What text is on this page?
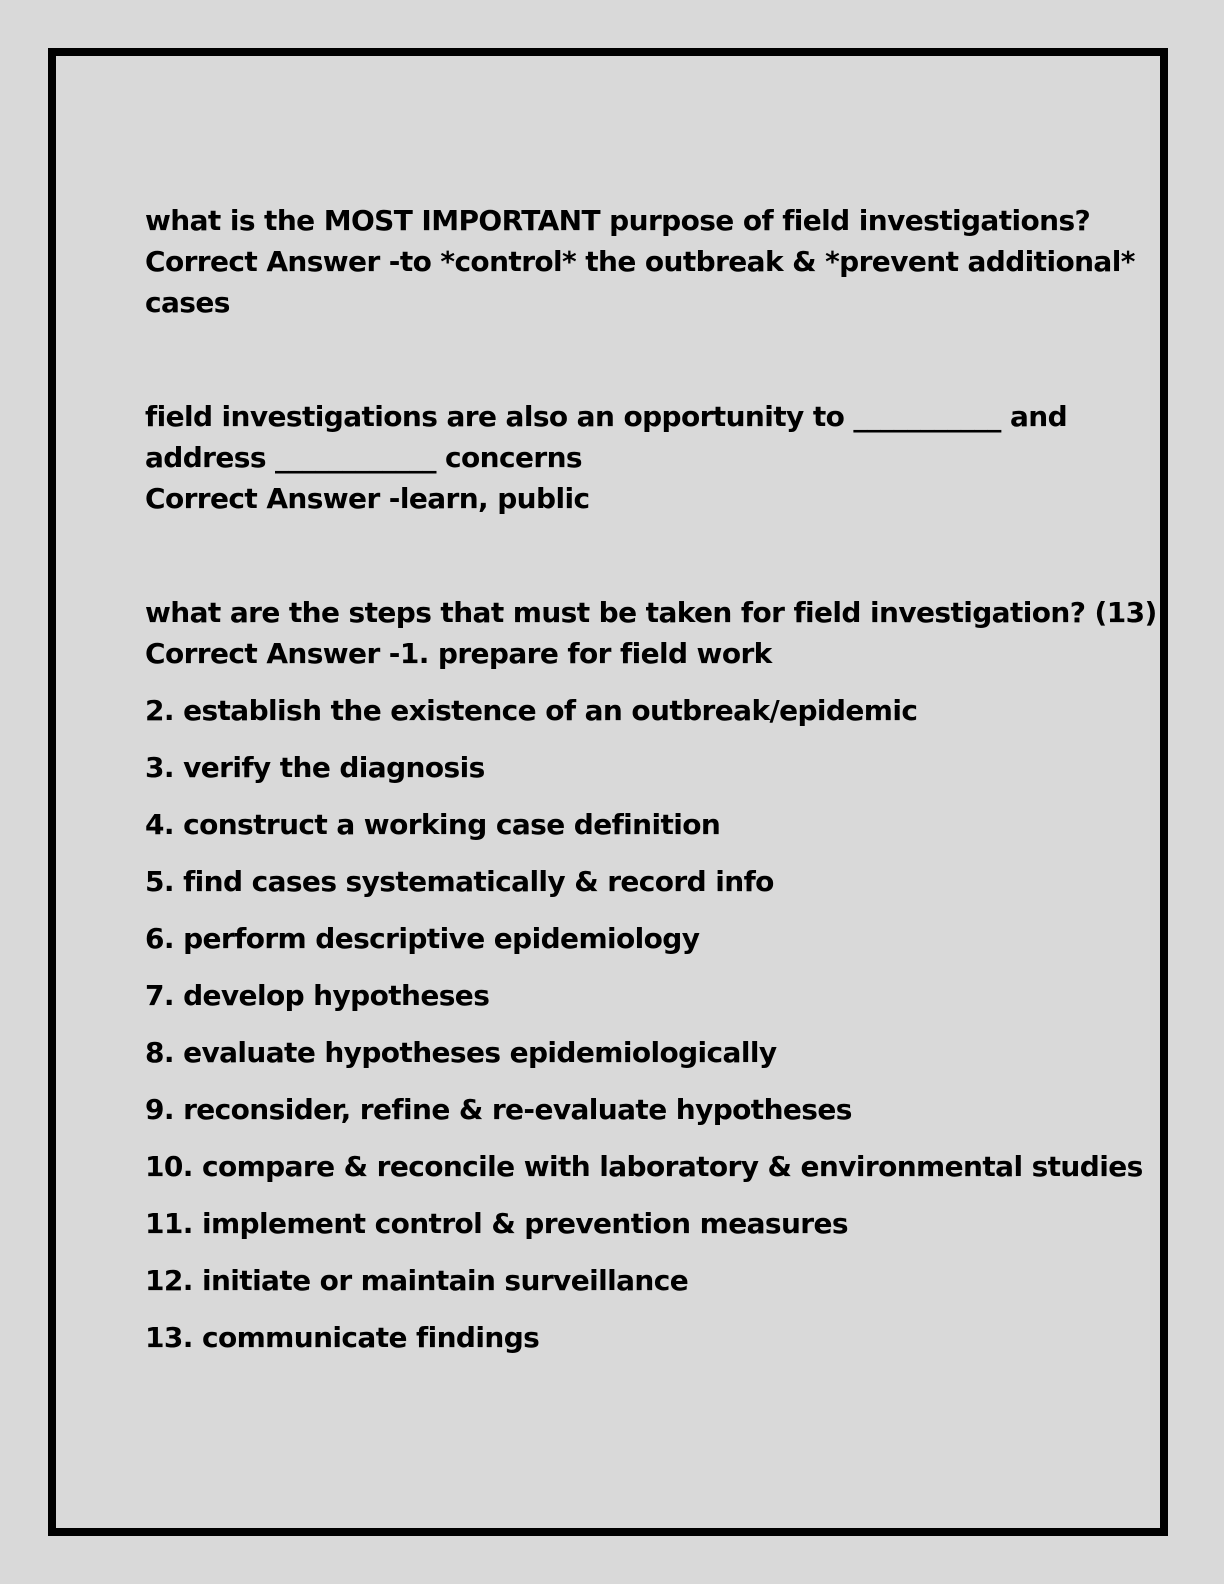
what is the MOST IMPORTANT purpose of field investigations?
Correct Answer -to *control* the outbreak & *prevent additional*
cases

field investigations are also an opportunity to ___________ and
address ____________ concerns
Correct Answer -learn, public

what are the steps that must be taken for field investigation? (13)
Correct Answer -1. prepare for field work
2. establish the existence of an outbreak/epidemic
3. verify the diagnosis
4. construct a working case definition
5. find cases systematically & record info
6. perform descriptive epidemiology
7. develop hypotheses
8. evaluate hypotheses epidemiologically
9. reconsider, refine & re-evaluate hypotheses
10. compare & reconcile with laboratory & environmental studies
11. implement control & prevention measures
12. initiate or maintain surveillance
13. communicate findings
